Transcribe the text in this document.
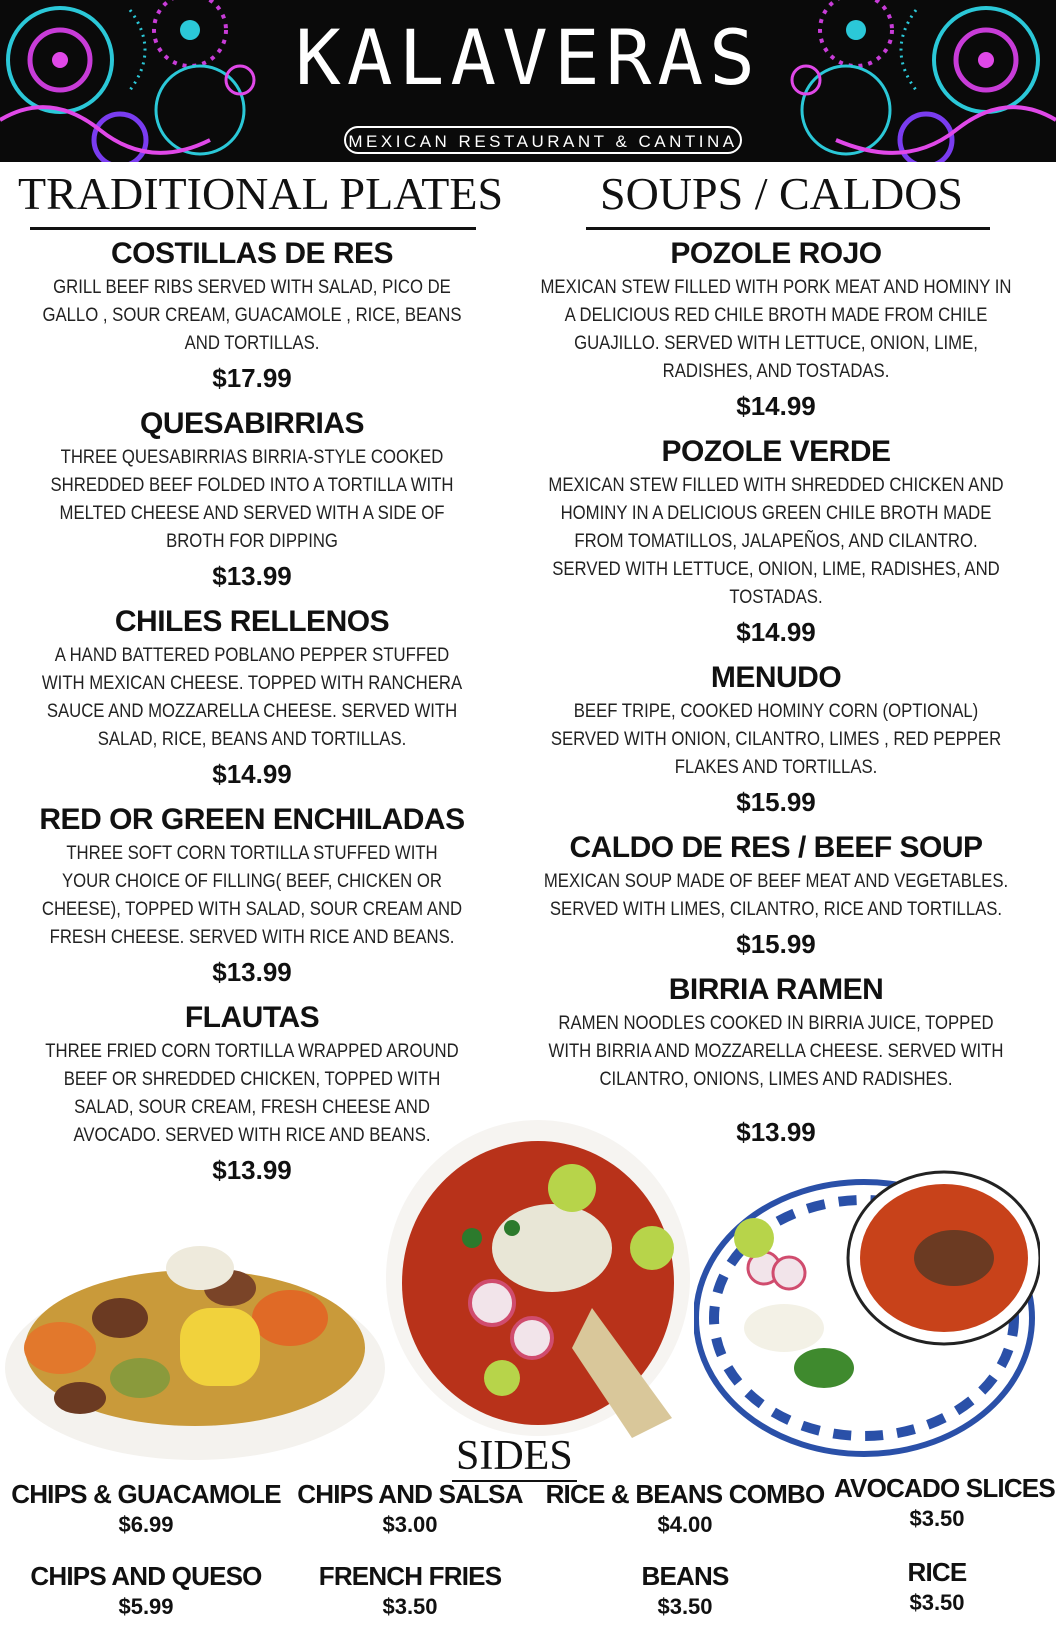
KALAVERAS
MEXICAN RESTAURANT & CANTINA
TRADITIONAL PLATES SOUPS / CALDOS
COSTILLAS DE RES
GRILL BEEF RIBS SERVED WITH SALAD, PICO DE GALLO , SOUR CREAM, GUACAMOLE , RICE, BEANS AND TORTILLAS.
$17.99
QUESABIRRIAS
THREE QUESABIRRIAS BIRRIA-STYLE COOKED SHREDDED BEEF FOLDED INTO A TORTILLA WITH MELTED CHEESE AND SERVED WITH A SIDE OF BROTH FOR DIPPING
$13.99
CHILES RELLENOS
A HAND BATTERED POBLANO PEPPER STUFFED WITH MEXICAN CHEESE. TOPPED WITH RANCHERA SAUCE AND MOZZARELLA CHEESE. SERVED WITH SALAD, RICE, BEANS AND TORTILLAS.
$14.99
RED OR GREEN ENCHILADAS
THREE SOFT CORN TORTILLA STUFFED WITH YOUR CHOICE OF FILLING( BEEF, CHICKEN OR CHEESE), TOPPED WITH SALAD, SOUR CREAM AND FRESH CHEESE. SERVED WITH RICE AND BEANS.
$13.99
FLAUTAS
THREE FRIED CORN TORTILLA WRAPPED AROUND BEEF OR SHREDDED CHICKEN, TOPPED WITH SALAD, SOUR CREAM, FRESH CHEESE AND AVOCADO. SERVED WITH RICE AND BEANS.
$13.99
POZOLE ROJO
MEXICAN STEW FILLED WITH PORK MEAT AND HOMINY IN A DELICIOUS RED CHILE BROTH MADE FROM CHILE GUAJILLO. SERVED WITH LETTUCE, ONION, LIME, RADISHES, AND TOSTADAS.
$14.99
POZOLE VERDE
MEXICAN STEW FILLED WITH SHREDDED CHICKEN AND HOMINY IN A DELICIOUS GREEN CHILE BROTH MADE FROM TOMATILLOS, JALAPEÑOS, AND CILANTRO. SERVED WITH LETTUCE, ONION, LIME, RADISHES, AND TOSTADAS.
$14.99
MENUDO
BEEF TRIPE, COOKED HOMINY CORN (OPTIONAL) SERVED WITH ONION, CILANTRO, LIMES , RED PEPPER FLAKES AND TORTILLAS.
$15.99
CALDO DE RES / BEEF SOUP
MEXICAN SOUP MADE OF BEEF MEAT AND VEGETABLES. SERVED WITH LIMES, CILANTRO, RICE AND TORTILLAS.
$15.99
BIRRIA RAMEN
RAMEN NOODLES COOKED IN BIRRIA JUICE, TOPPED WITH BIRRIA AND MOZZARELLA CHEESE. SERVED WITH CILANTRO, ONIONS, LIMES AND RADISHES.
$13.99
SIDES
CHIPS & GUACAMOLE
$6.99
CHIPS AND SALSA
$3.00
RICE & BEANS COMBO
$4.00
AVOCADO SLICES
$3.50
CHIPS AND QUESO
$5.99
FRENCH FRIES
$3.50
BEANS
$3.50
RICE
$3.50
